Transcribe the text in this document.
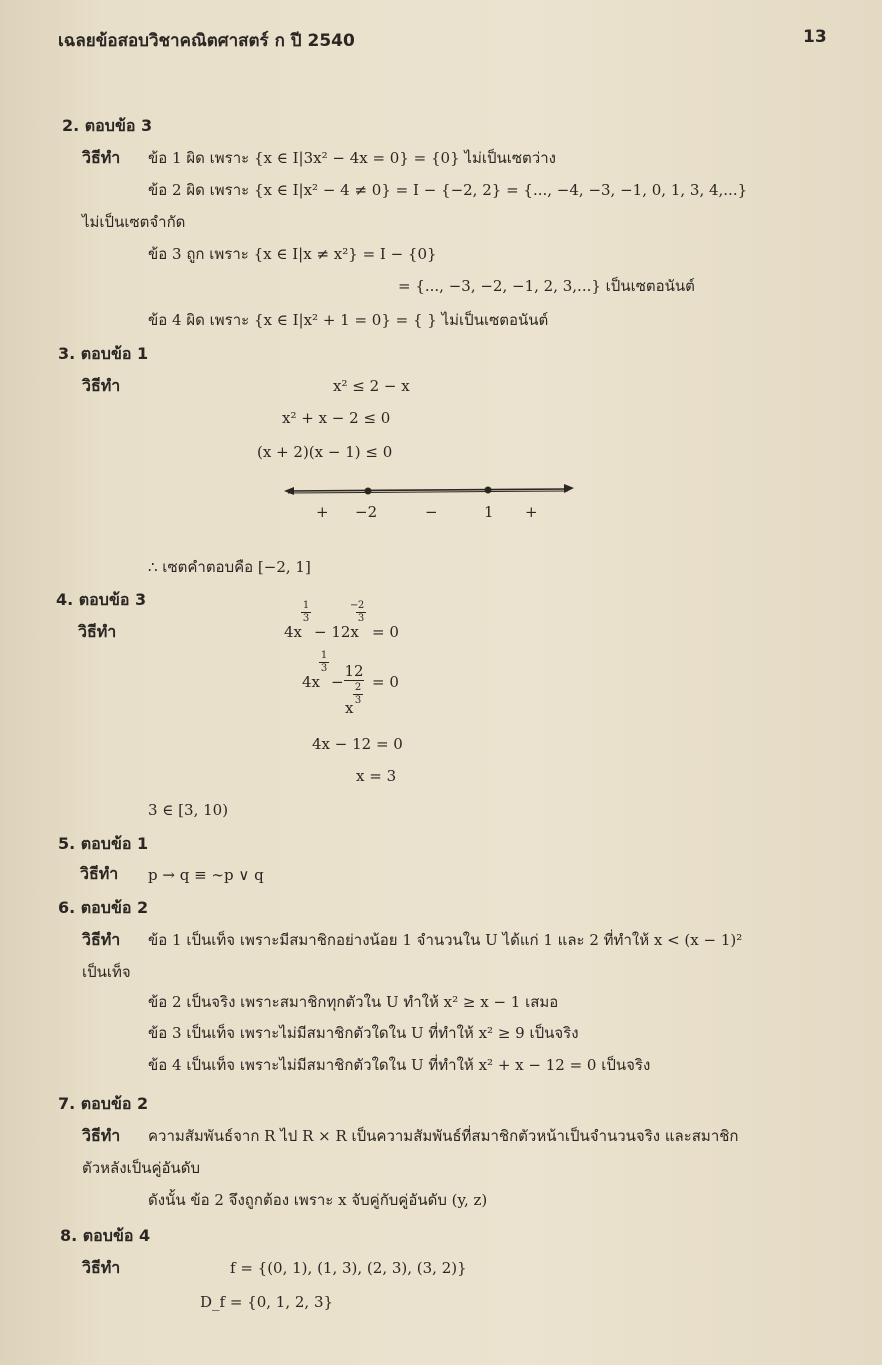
เฉลยข้อสอบวิชาคณิตศาสตร์ ก ปี 2540	13
2. ตอบข้อ 3
วิธีทำ ข้อ 1 ผิด เพราะ {x ∈ I|3x² − 4x = 0} = {0} ไม่เป็นเซตว่าง
ข้อ 2 ผิด เพราะ {x ∈ I|x² − 4 ≠ 0} = I − {−2, 2} = {..., −4, −3, −1, 0, 1, 3, 4,...}
ไม่เป็นเซตจำกัด
ข้อ 3 ถูก เพราะ {x ∈ I|x ≠ x²} = I − {0}
= {..., −3, −2, −1, 2, 3,...} เป็นเซตอนันต์
ข้อ 4 ผิด เพราะ {x ∈ I|x² + 1 = 0} = { } ไม่เป็นเซตอนันต์
3. ตอบข้อ 1
วิธีทำ	x² ≤ 2 − x
x² + x − 2 ≤ 0
(x + 2)(x − 1) ≤ 0
+ −2	−	1 +
∴ เซตคำตอบคือ [−2, 1]
4. ตอบข้อ 3
วิธีทำ	4x
$\frac{1}{3}$
− 12x
−
$\frac{2}{3}$
= 0
4x
$\frac{1}{3}$
−
12
x
$\frac{2}{3} = 0$
4x − 12 = 0
x = 3
3 ∈ [3, 10)
5. ตอบข้อ 1
วิธีทำ p → q ≡ ∼p ∨ q
6. ตอบข้อ 2
วิธีทำ ข้อ 1 เป็นเท็จ เพราะมีสมาชิกอย่างน้อย 1 จำนวนใน U ได้แก่ 1 และ 2 ที่ทำให้ x < (x − 1)²
เป็นเท็จ
ข้อ 2 เป็นจริง เพราะสมาชิกทุกตัวใน U ทำให้ x² ≥ x − 1 เสมอ
ข้อ 3 เป็นเท็จ เพราะไม่มีสมาชิกตัวใดใน U ที่ทำให้ x² ≥ 9 เป็นจริง
ข้อ 4 เป็นเท็จ เพราะไม่มีสมาชิกตัวใดใน U ที่ทำให้ x² + x − 12 = 0 เป็นจริง
7. ตอบข้อ 2
วิธีทำ ความสัมพันธ์จาก R ไป R × R เป็นความสัมพันธ์ที่สมาชิกตัวหน้าเป็นจำนวนจริง และสมาชิก
ตัวหลังเป็นคู่อันดับ
ดังนั้น ข้อ 2 จึงถูกต้อง เพราะ x จับคู่กับคู่อันดับ (y, z)
8. ตอบข้อ 4
วิธีทำ	f = {(0, 1), (1, 3), (2, 3), (3, 2)}
D_f = {0, 1, 2, 3}
